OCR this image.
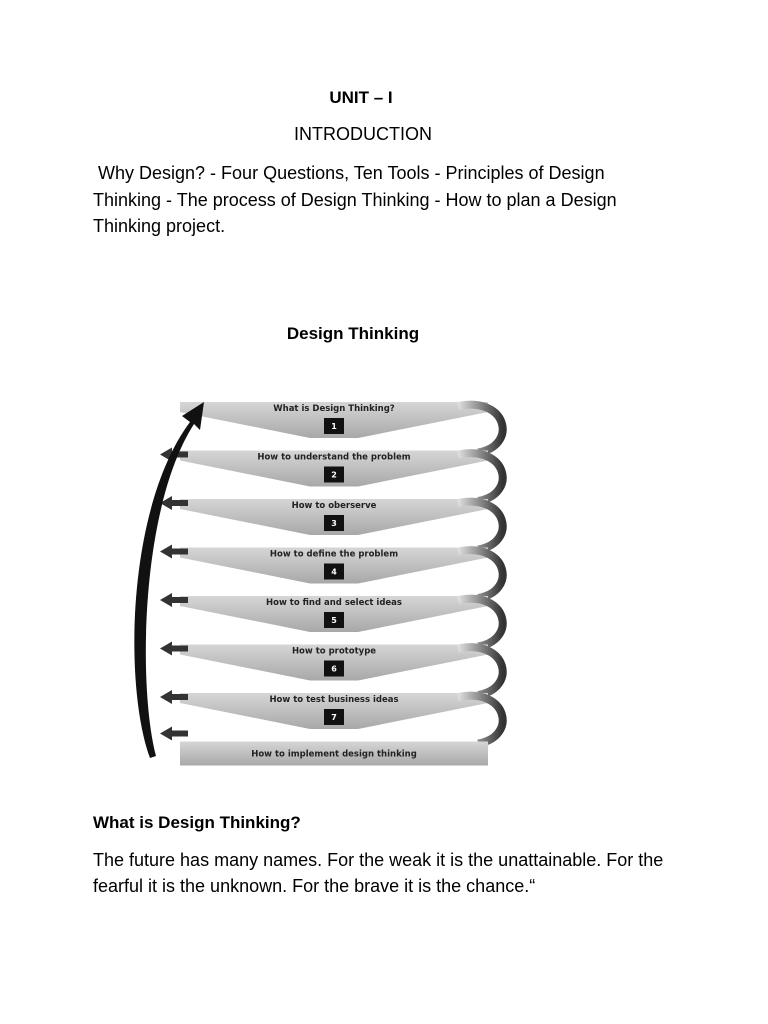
UNIT – I
INTRODUCTION
Why Design? - Four Questions, Ten Tools - Principles of Design Thinking - The process of Design Thinking - How to plan a Design Thinking project.
Design Thinking
What is Design Thinking?
1
How to understand the problem
2
How to oberserve
3
How to define the problem
4
How to find and select ideas
5
How to prototype
6
How to test business ideas
7
How to implement design thinking
What is Design Thinking?
The future has many names. For the weak it is the unattainable. For the fearful it is the unknown. For the brave it is the chance.“
